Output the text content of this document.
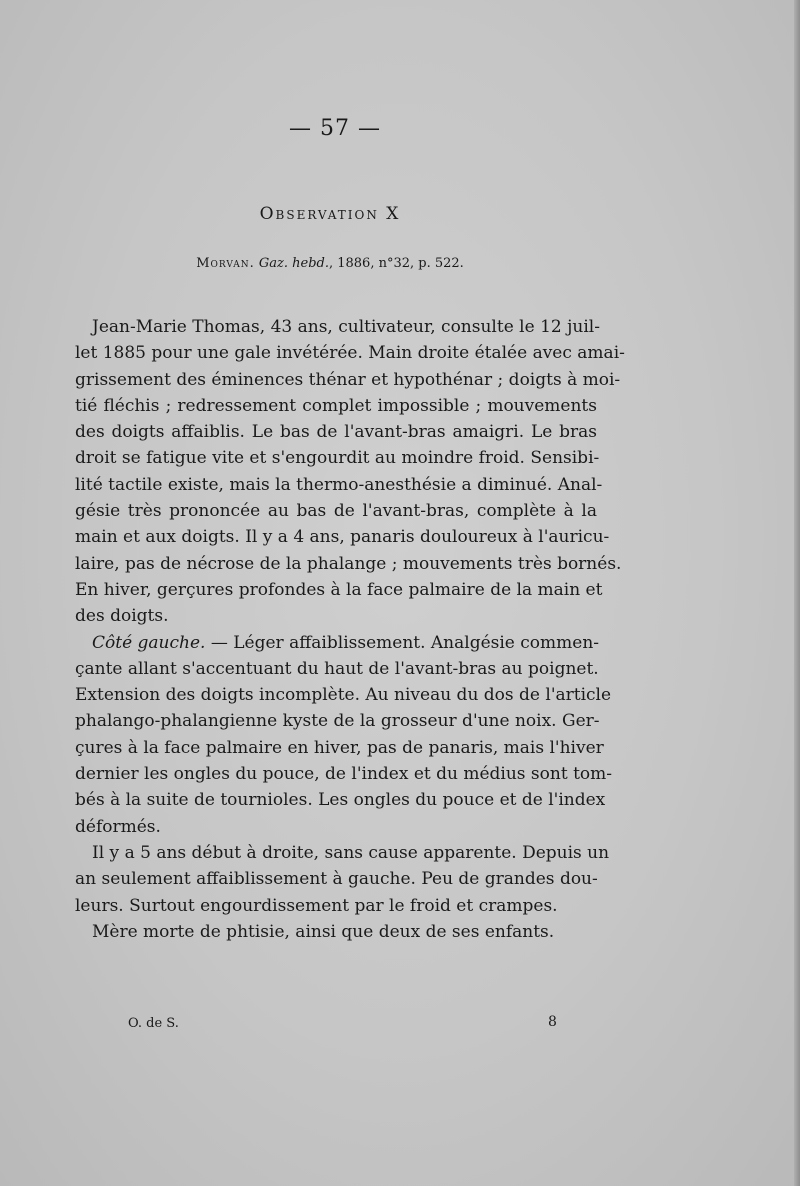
— 57 —
Observation X
Morvan. Gaz. hebd., 1886, n°32, p. 522.
Jean-Marie Thomas, 43 ans, cultivateur, consulte le 12 juil-
let 1885 pour une gale invétérée. Main droite étalée avec amai-
grissement des éminences thénar et hypothénar ; doigts à moi-
tié fléchis ; redressement complet impossible ; mouvements
des doigts affaiblis. Le bas de l'avant-bras amaigri. Le bras
droit se fatigue vite et s'engourdit au moindre froid. Sensibi-
lité tactile existe, mais la thermo-anesthésie a diminué. Anal-
gésie très prononcée au bas de l'avant-bras, complète à la
main et aux doigts. Il y a 4 ans, panaris douloureux à l'auricu-
laire, pas de nécrose de la phalange ; mouvements très bornés.
En hiver, gerçures profondes à la face palmaire de la main et
des doigts.
Côté gauche. — Léger affaiblissement. Analgésie commen-
çante allant s'accentuant du haut de l'avant-bras au poignet.
Extension des doigts incomplète. Au niveau du dos de l'article
phalango-phalangienne kyste de la grosseur d'une noix. Ger-
çures à la face palmaire en hiver, pas de panaris, mais l'hiver
dernier les ongles du pouce, de l'index et du médius sont tom-
bés à la suite de tournioles. Les ongles du pouce et de l'index
déformés.
Il y a 5 ans début à droite, sans cause apparente. Depuis un
an seulement affaiblissement à gauche. Peu de grandes dou-
leurs. Surtout engourdissement par le froid et crampes.
Mère morte de phtisie, ainsi que deux de ses enfants.
O. de S.	8
